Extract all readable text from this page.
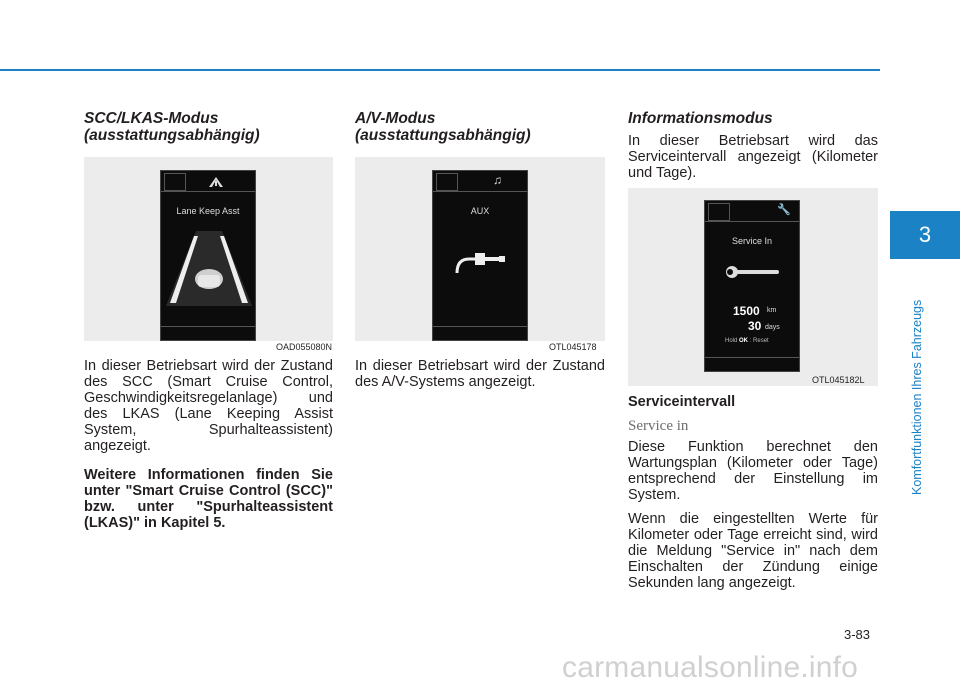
SCC/LKAS-Modus
(ausstattungsabhängig)
Lane Keep Asst
OAD055080N

In dieser Betriebsart wird der Zustand des SCC (Smart Cruise Control, Geschwindigkeitsregelanlage) und des LKAS (Lane Keeping Assist System, Spurhalteassistent) angezeigt.

Weitere Informationen finden Sie unter "Smart Cruise Control (SCC)" bzw. unter "Spurhalteassistent (LKAS)" in Kapitel 5.

A/V-Modus
(ausstattungsabhängig)
♫
AUX
OTL045178

In dieser Betriebsart wird der Zustand des A/V-Systems angezeigt.

Informationsmodus

In dieser Betriebsart wird das Serviceintervall angezeigt (Kilometer und Tage).

🔧
Service In
1500 km
30 days
Hold OK : Reset
OTL045182L

Serviceintervall

Service in

Diese Funktion berechnet den Wartungsplan (Kilometer oder Tage) entsprechend der Einstellung im System.

Wenn die eingestellten Werte für Kilometer oder Tage erreicht sind, wird die Meldung "Service in" nach dem Einschalten der Zündung einige Sekunden lang angezeigt.

3
Komfortfunktionen Ihres Fahrzeugs
3-83
carmanualsonline.info
